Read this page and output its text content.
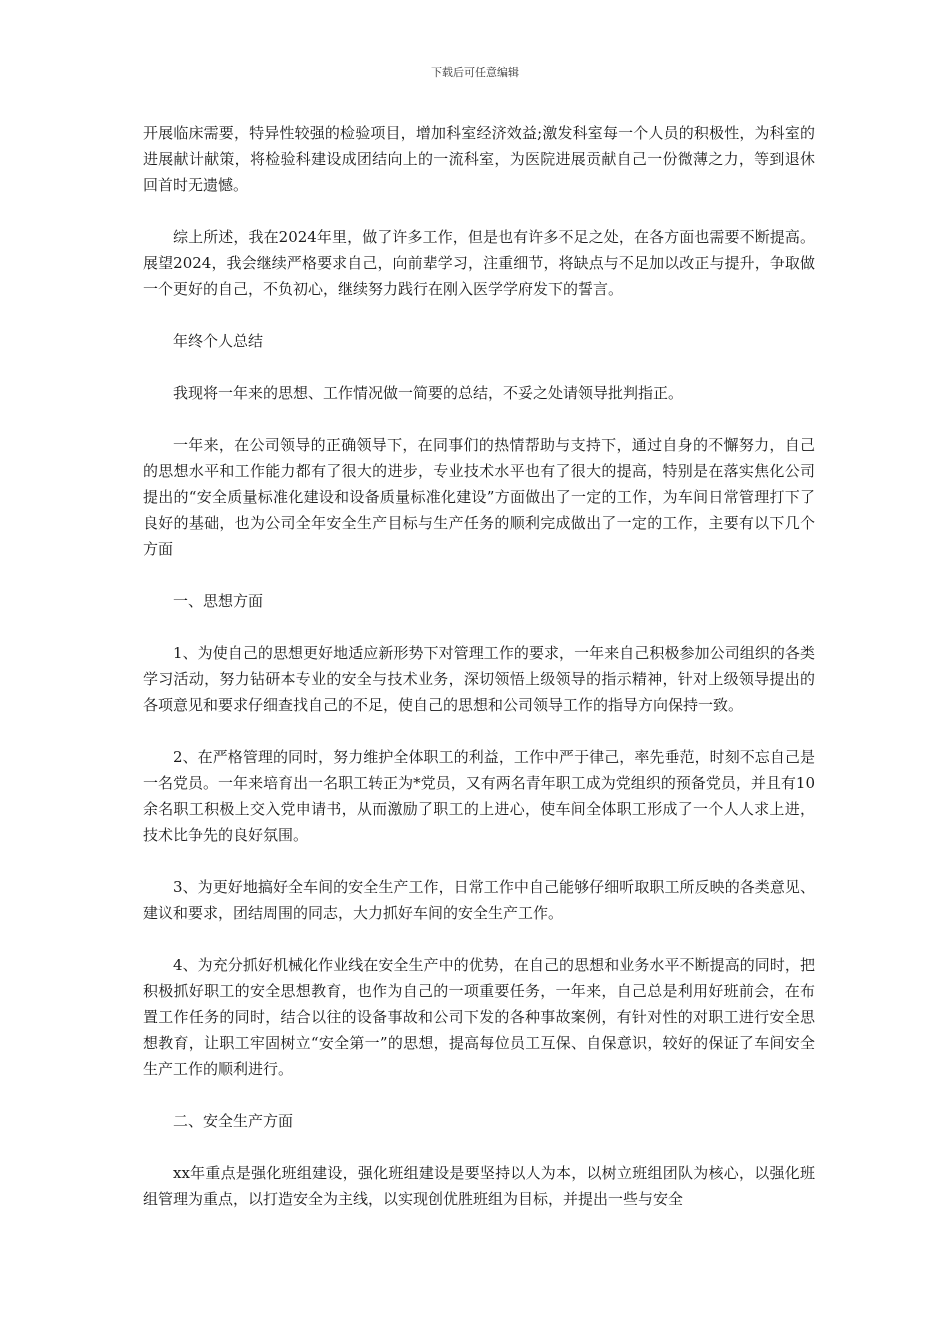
下载后可任意编辑

开展临床需要，特异性较强的检验项目，增加科室经济效益;激发科室每一个人员的积极性，为科室的进展献计献策，将检验科建设成团结向上的一流科室，为医院进展贡献自己一份微薄之力，等到退休回首时无遗憾。

综上所述，我在2024年里，做了许多工作，但是也有许多不足之处，在各方面也需要不断提高。展望2024，我会继续严格要求自己，向前辈学习，注重细节，将缺点与不足加以改正与提升，争取做一个更好的自己，不负初心，继续努力践行在刚入医学学府发下的誓言。

年终个人总结

我现将一年来的思想、工作情况做一简要的总结，不妥之处请领导批判指正。

一年来，在公司领导的正确领导下，在同事们的热情帮助与支持下，通过自身的不懈努力，自己的思想水平和工作能力都有了很大的进步，专业技术水平也有了很大的提高，特别是在落实焦化公司提出的“安全质量标准化建设和设备质量标准化建设”方面做出了一定的工作，为车间日常管理打下了良好的基础，也为公司全年安全生产目标与生产任务的顺利完成做出了一定的工作，主要有以下几个方面

一、思想方面

1、为使自己的思想更好地适应新形势下对管理工作的要求，一年来自己积极参加公司组织的各类学习活动，努力钻研本专业的安全与技术业务，深切领悟上级领导的指示精神，针对上级领导提出的各项意见和要求仔细查找自己的不足，使自己的思想和公司领导工作的指导方向保持一致。

2、在严格管理的同时，努力维护全体职工的利益，工作中严于律己，率先垂范，时刻不忘自己是一名党员。一年来培育出一名职工转正为*党员，又有两名青年职工成为党组织的预备党员，并且有10余名职工积极上交入党申请书，从而激励了职工的上进心，使车间全体职工形成了一个人人求上进，技术比争先的良好氛围。

3、为更好地搞好全车间的安全生产工作，日常工作中自己能够仔细听取职工所反映的各类意见、建议和要求，团结周围的同志，大力抓好车间的安全生产工作。

4、为充分抓好机械化作业线在安全生产中的优势，在自己的思想和业务水平不断提高的同时，把积极抓好职工的安全思想教育，也作为自己的一项重要任务，一年来，自己总是利用好班前会，在布置工作任务的同时，结合以往的设备事故和公司下发的各种事故案例，有针对性的对职工进行安全思想教育，让职工牢固树立“安全第一”的思想，提高每位员工互保、自保意识，较好的保证了车间安全生产工作的顺利进行。

二、安全生产方面

xx年重点是强化班组建设，强化班组建设是要坚持以人为本，以树立班组团队为核心，以强化班组管理为重点，以打造安全为主线，以实现创优胜班组为目标，并提出一些与安全
